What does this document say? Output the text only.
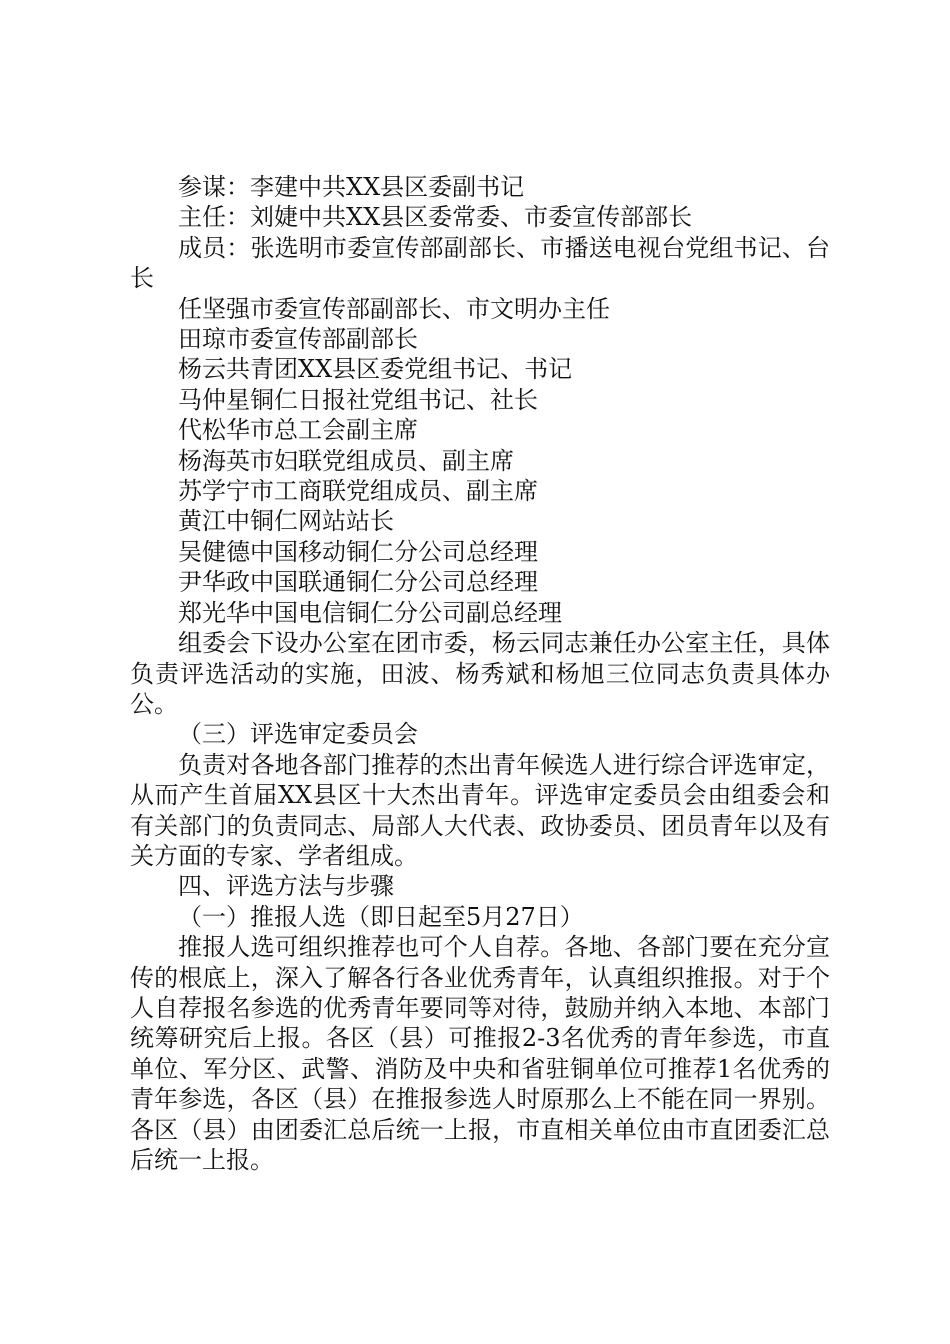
参谋：李建中共XX县区委副书记

主任：刘婕中共XX县区委常委、市委宣传部部长

成员：张选明市委宣传部副部长、市播送电视台党组书记、台长

任坚强市委宣传部副部长、市文明办主任

田琼市委宣传部副部长

杨云共青团XX县区委党组书记、书记

马仲星铜仁日报社党组书记、社长

代松华市总工会副主席

杨海英市妇联党组成员、副主席

苏学宁市工商联党组成员、副主席

黄江中铜仁网站站长

吴健德中国移动铜仁分公司总经理

尹华政中国联通铜仁分公司总经理

郑光华中国电信铜仁分公司副总经理

组委会下设办公室在团市委，杨云同志兼任办公室主任，具体负责评选活动的实施，田波、杨秀斌和杨旭三位同志负责具体办公。

（三）评选审定委员会

负责对各地各部门推荐的杰出青年候选人进行综合评选审定，从而产生首届XX县区十大杰出青年。评选审定委员会由组委会和有关部门的负责同志、局部人大代表、政协委员、团员青年以及有关方面的专家、学者组成。

四、评选方法与步骤

（一）推报人选（即日起至5月27日）

推报人选可组织推荐也可个人自荐。各地、各部门要在充分宣传的根底上，深入了解各行各业优秀青年，认真组织推报。对于个人自荐报名参选的优秀青年要同等对待，鼓励并纳入本地、本部门统筹研究后上报。各区（县）可推报2-3名优秀的青年参选，市直单位、军分区、武警、消防及中央和省驻铜单位可推荐1名优秀的青年参选，各区（县）在推报参选人时原那么上不能在同一界别。各区（县）由团委汇总后统一上报，市直相关单位由市直团委汇总后统一上报。
